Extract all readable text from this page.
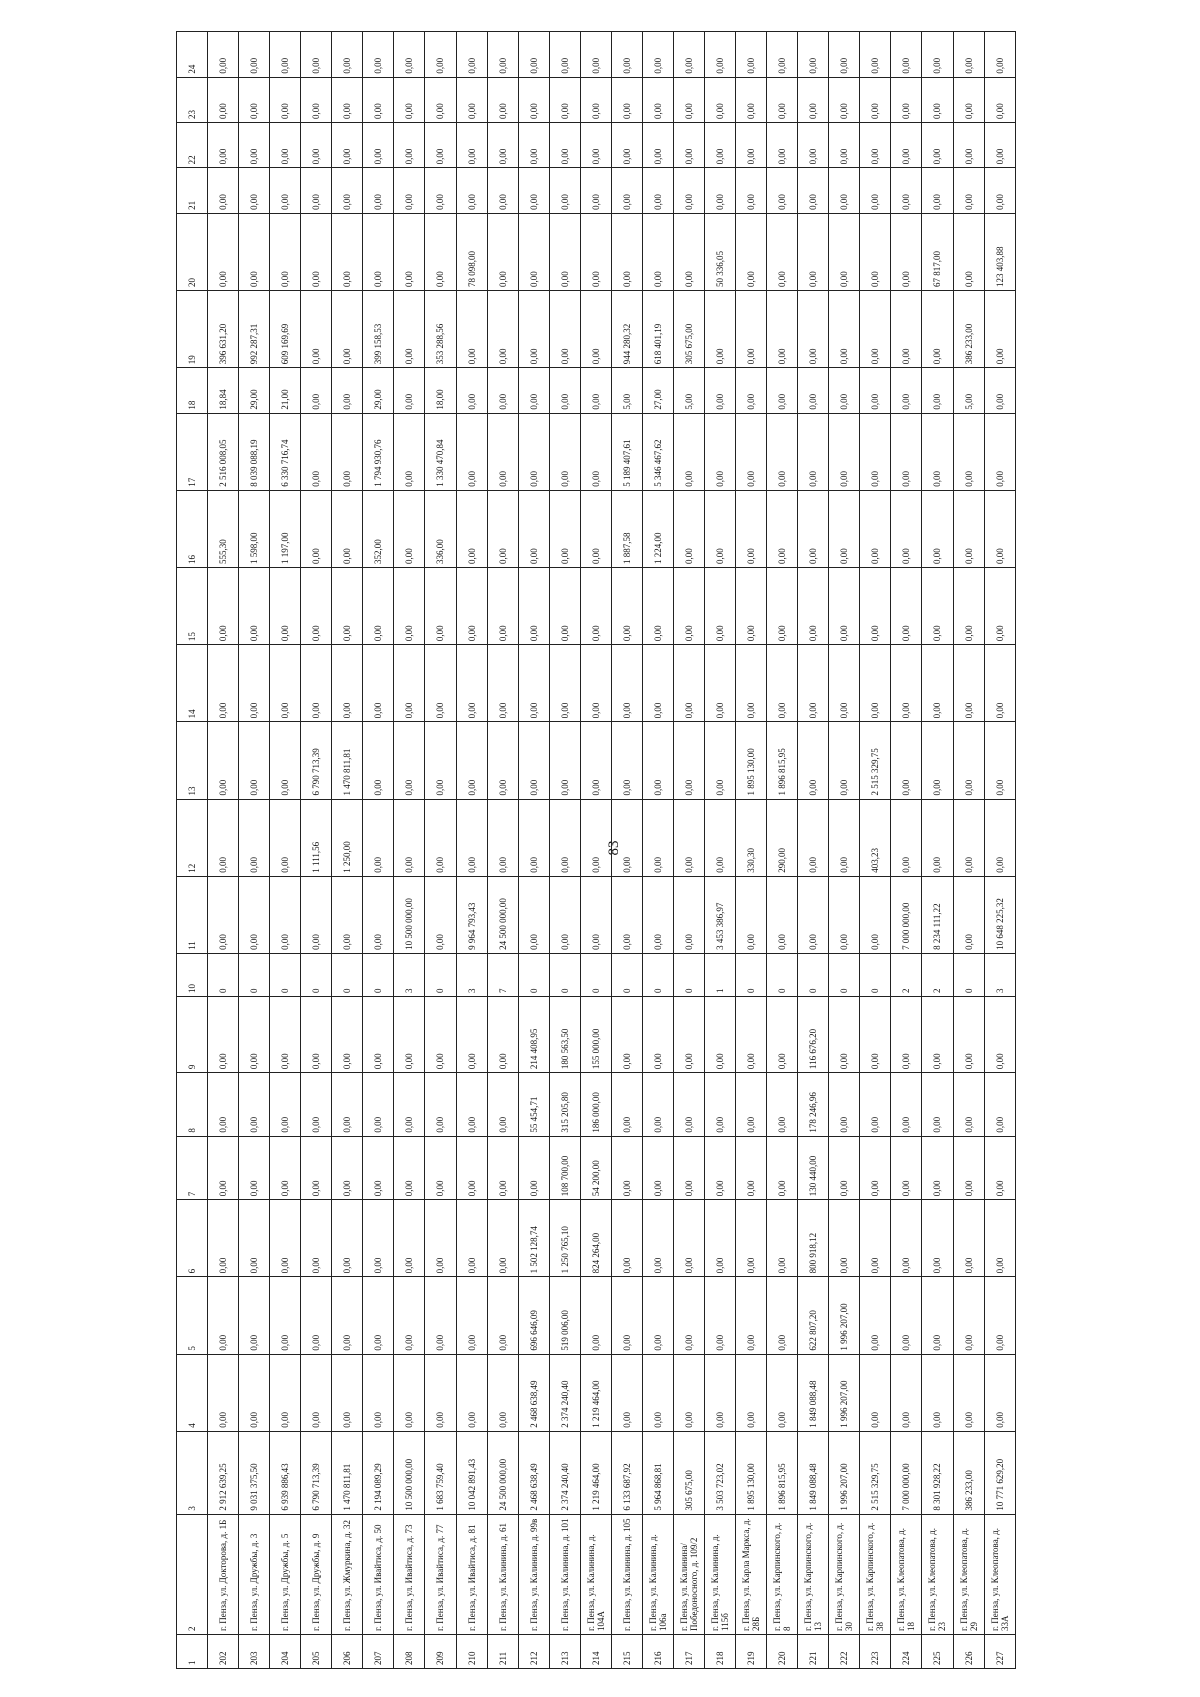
83
1	2	3	4	5	6	7	8	9	10	11	12	13	14	15	16	17	18	19	20	21	22	23	24
202	г. Пенза, ул. Докторова, д. 1Б	2 912 639,25	0,00	0,00	0,00	0,00	0,00	0,00	0	0,00	0,00	0,00	0,00	0,00	555,30	2 516 008,05	18,84	396 631,20	0,00	0,00	0,00	0,00	0,00
203	г. Пенза, ул. Дружбы, д. 3	9 031 375,50	0,00	0,00	0,00	0,00	0,00	0,00	0	0,00	0,00	0,00	0,00	0,00	1 598,00	8 039 088,19	29,00	992 287,31	0,00	0,00	0,00	0,00	0,00
204	г. Пенза, ул. Дружбы, д. 5	6 939 886,43	0,00	0,00	0,00	0,00	0,00	0,00	0	0,00	0,00	0,00	0,00	0,00	1 197,00	6 330 716,74	21,00	609 169,69	0,00	0,00	0,00	0,00	0,00
205	г. Пенза, ул. Дружбы, д. 9	6 790 713,39	0,00	0,00	0,00	0,00	0,00	0,00	0	0,00	1 111,56	6 790 713,39	0,00	0,00	0,00	0,00	0,00	0,00	0,00	0,00	0,00	0,00	0,00
206	г. Пенза, ул. Жмуркина, д. 32	1 470 811,81	0,00	0,00	0,00	0,00	0,00	0,00	0	0,00	1 250,00	1 470 811,81	0,00	0,00	0,00	0,00	0,00	0,00	0,00	0,00	0,00	0,00	0,00
207	г. Пенза, ул. Ивайтиса, д. 50	2 194 089,29	0,00	0,00	0,00	0,00	0,00	0,00	0	0,00	0,00	0,00	0,00	0,00	352,00	1 794 930,76	29,00	399 158,53	0,00	0,00	0,00	0,00	0,00
208	г. Пенза, ул. Ивайтиса, д. 73	10 500 000,00	0,00	0,00	0,00	0,00	0,00	0,00	3	10 500 000,00	0,00	0,00	0,00	0,00	0,00	0,00	0,00	0,00	0,00	0,00	0,00	0,00	0,00
209	г. Пенза, ул. Ивайтиса, д. 77	1 683 759,40	0,00	0,00	0,00	0,00	0,00	0,00	0	0,00	0,00	0,00	0,00	0,00	336,00	1 330 470,84	18,00	353 288,56	0,00	0,00	0,00	0,00	0,00
210	г. Пенза, ул. Ивайтиса, д. 81	10 042 891,43	0,00	0,00	0,00	0,00	0,00	0,00	3	9 964 793,43	0,00	0,00	0,00	0,00	0,00	0,00	0,00	0,00	78 098,00	0,00	0,00	0,00	0,00
211	г. Пенза, ул. Калинина, д. 61	24 500 000,00	0,00	0,00	0,00	0,00	0,00	0,00	7	24 500 000,00	0,00	0,00	0,00	0,00	0,00	0,00	0,00	0,00	0,00	0,00	0,00	0,00	0,00
212	г. Пенза, ул. Калинина, д. 99в	2 468 638,49	2 468 638,49	696 646,09	1 502 128,74	0,00	55 454,71	214 408,95	0	0,00	0,00	0,00	0,00	0,00	0,00	0,00	0,00	0,00	0,00	0,00	0,00	0,00	0,00
213	г. Пенза, ул. Калинина, д. 101	2 374 240,40	2 374 240,40	519 006,00	1 250 765,10	108 700,00	315 205,80	180 563,50	0	0,00	0,00	0,00	0,00	0,00	0,00	0,00	0,00	0,00	0,00	0,00	0,00	0,00	0,00
214	г. Пенза, ул. Калинина, д. 104А	1 219 464,00	1 219 464,00	0,00	824 264,00	54 200,00	186 000,00	155 000,00	0	0,00	0,00	0,00	0,00	0,00	0,00	0,00	0,00	0,00	0,00	0,00	0,00	0,00	0,00
215	г. Пенза, ул. Калинина, д. 105	6 133 687,92	0,00	0,00	0,00	0,00	0,00	0,00	0	0,00	0,00	0,00	0,00	0,00	1 887,58	5 189 407,61	5,00	944 280,32	0,00	0,00	0,00	0,00	0,00
216	г. Пенза, ул. Калинина, д. 106а	5 964 868,81	0,00	0,00	0,00	0,00	0,00	0,00	0	0,00	0,00	0,00	0,00	0,00	1 224,00	5 346 467,62	27,00	618 401,19	0,00	0,00	0,00	0,00	0,00
217	г. Пенза, ул. Калинина/ Победоносного, д. 109/2	305 675,00	0,00	0,00	0,00	0,00	0,00	0,00	0	0,00	0,00	0,00	0,00	0,00	0,00	0,00	5,00	305 675,00	0,00	0,00	0,00	0,00	0,00
218	г. Пенза, ул. Калинина, д. 115б	3 503 723,02	0,00	0,00	0,00	0,00	0,00	0,00	1	3 453 386,97	0,00	0,00	0,00	0,00	0,00	0,00	0,00	0,00	50 336,05	0,00	0,00	0,00	0,00
219	г. Пенза, ул. Карла Маркса, д. 28Б	1 895 130,00	0,00	0,00	0,00	0,00	0,00	0,00	0	0,00	330,30	1 895 130,00	0,00	0,00	0,00	0,00	0,00	0,00	0,00	0,00	0,00	0,00	0,00
220	г. Пенза, ул. Карпинского, д. 8	1 896 815,95	0,00	0,00	0,00	0,00	0,00	0,00	0	0,00	290,00	1 896 815,95	0,00	0,00	0,00	0,00	0,00	0,00	0,00	0,00	0,00	0,00	0,00
221	г. Пенза, ул. Карпинского, д. 13	1 849 088,48	1 849 088,48	622 807,20	800 918,12	130 440,00	178 246,96	116 676,20	0	0,00	0,00	0,00	0,00	0,00	0,00	0,00	0,00	0,00	0,00	0,00	0,00	0,00	0,00
222	г. Пенза, ул. Карпинского, д. 30	1 996 207,00	1 996 207,00	1 996 207,00	0,00	0,00	0,00	0,00	0	0,00	0,00	0,00	0,00	0,00	0,00	0,00	0,00	0,00	0,00	0,00	0,00	0,00	0,00
223	г. Пенза, ул. Карпинского, д. 38	2 515 329,75	0,00	0,00	0,00	0,00	0,00	0,00	0	0,00	403,23	2 515 329,75	0,00	0,00	0,00	0,00	0,00	0,00	0,00	0,00	0,00	0,00	0,00
224	г. Пенза, ул. Клеопатова, д. 18	7 000 000,00	0,00	0,00	0,00	0,00	0,00	0,00	2	7 000 000,00	0,00	0,00	0,00	0,00	0,00	0,00	0,00	0,00	0,00	0,00	0,00	0,00	0,00
225	г. Пенза, ул. Клеопатова, д. 23	8 301 928,22	0,00	0,00	0,00	0,00	0,00	0,00	2	8 234 111,22	0,00	0,00	0,00	0,00	0,00	0,00	0,00	0,00	67 817,00	0,00	0,00	0,00	0,00
226	г. Пенза, ул. Клеопатова, д. 29	386 233,00	0,00	0,00	0,00	0,00	0,00	0,00	0	0,00	0,00	0,00	0,00	0,00	0,00	0,00	5,00	386 233,00	0,00	0,00	0,00	0,00	0,00
227	г. Пенза, ул. Клеопатова, д. 33А	10 771 629,20	0,00	0,00	0,00	0,00	0,00	0,00	3	10 648 225,32	0,00	0,00	0,00	0,00	0,00	0,00	0,00	0,00	123 403,88	0,00	0,00	0,00	0,00
